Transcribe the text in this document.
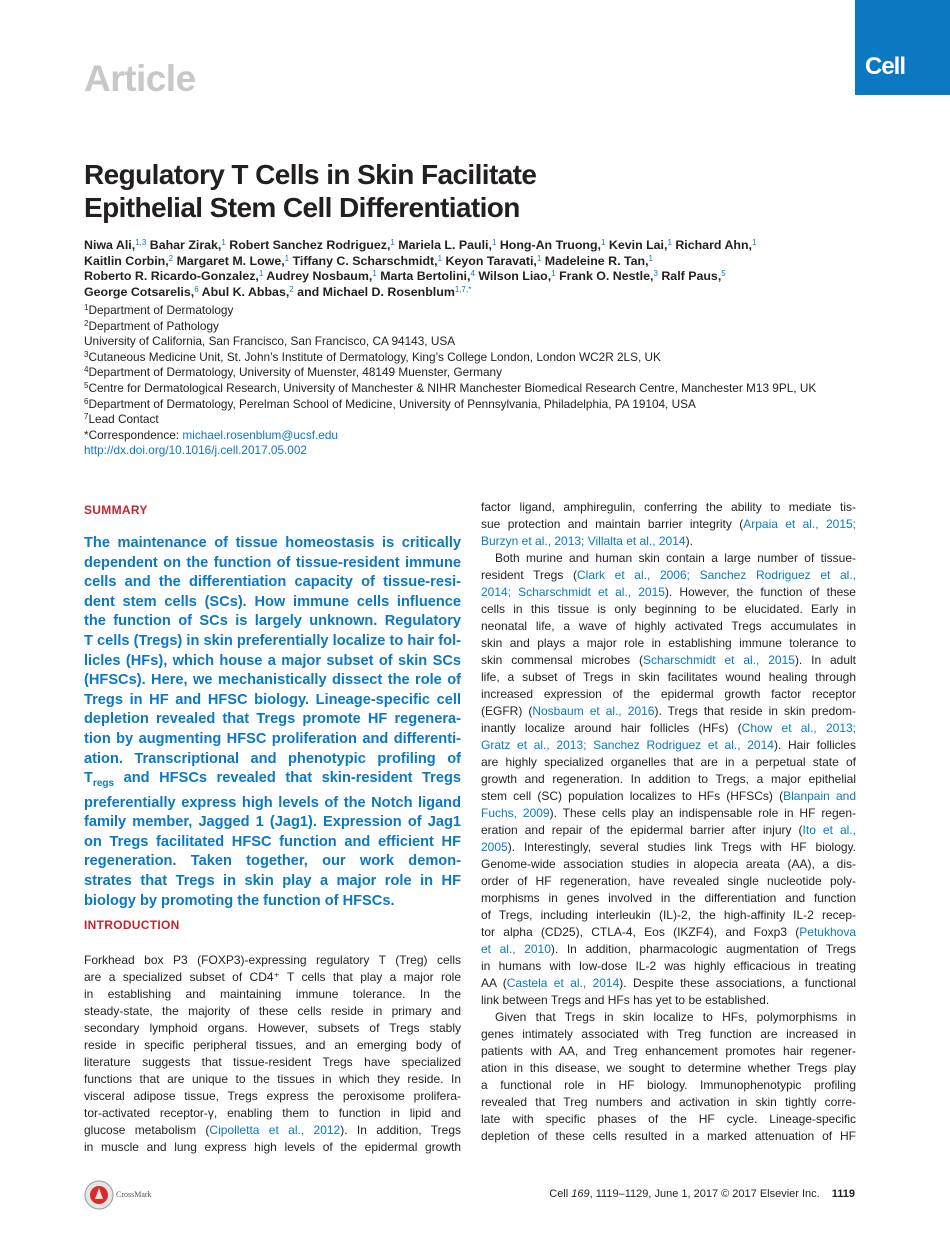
Article	Cell
Regulatory T Cells in Skin Facilitate
Epithelial Stem Cell Differentiation
Niwa Ali,$^{1,3}$ Bahar Zirak,$^1$ Robert Sanchez Rodriguez,$^1$ Mariela L. Pauli,$^1$ Hong-An Truong,$^1$ Kevin Lai,$^1$ Richard Ahn,$^1$
Kaitlin Corbin,$^2$ Margaret M. Lowe,$^1$ Tiffany C. Scharschmidt,$^1$ Keyon Taravati,$^1$ Madeleine R. Tan,$^1$
Roberto R. Ricardo-Gonzalez,$^1$ Audrey Nosbaum,$^1$ Marta Bertolini,$^4$ Wilson Liao,$^1$ Frank O. Nestle,$^3$ Ralf Paus,$^5$
George Cotsarelis,$^6$ Abul K. Abbas,$^2$ and Michael D. Rosenblum$^{1,7,*}$
$^1$Department of Dermatology
$^2$Department of Pathology
University of California, San Francisco, San Francisco, CA 94143, USA
$^3$Cutaneous Medicine Unit, St. John’s Institute of Dermatology, King’s College London, London WC2R 2LS, UK
$^4$Department of Dermatology, University of Muenster, 48149 Muenster, Germany
$^5$Centre for Dermatological Research, University of Manchester & NIHR Manchester Biomedical Research Centre, Manchester M13 9PL, UK
$^6$Department of Dermatology, Perelman School of Medicine, University of Pennsylvania, Philadelphia, PA 19104, USA
$^7$Lead Contact
*Correspondence: michael.rosenblum@ucsf.edu
http://dx.doi.org/10.1016/j.cell.2017.05.002
SUMMARY
The maintenance of tissue homeostasis is critically
dependent on the function of tissue-resident immune
cells and the differentiation capacity of tissue-resi-
dent stem cells (SCs). How immune cells influence
the function of SCs is largely unknown. Regulatory
T cells (Tregs) in skin preferentially localize to hair fol-
licles (HFs), which house a major subset of skin SCs
(HFSCs). Here, we mechanistically dissect the role of
Tregs in HF and HFSC biology. Lineage-specific cell
depletion revealed that Tregs promote HF regenera-
tion by augmenting HFSC proliferation and differenti-
ation. Transcriptional and phenotypic profiling of
$T_{regs}$ and HFSCs revealed that skin-resident Tregs
preferentially express high levels of the Notch ligand
family member, Jagged 1 (Jag1). Expression of Jag1
on Tregs facilitated HFSC function and efficient HF
regeneration. Taken together, our work demon-
strates that Tregs in skin play a major role in HF
biology by promoting the function of HFSCs.
INTRODUCTION
Forkhead box P3 (FOXP3)-expressing regulatory T (Treg) cells
are a specialized subset of CD4⁺ T cells that play a major role
in establishing and maintaining immune tolerance. In the
steady-state, the majority of these cells reside in primary and
secondary lymphoid organs. However, subsets of Tregs stably
reside in specific peripheral tissues, and an emerging body of
literature suggests that tissue-resident Tregs have specialized
functions that are unique to the tissues in which they reside. In
visceral adipose tissue, Tregs express the peroxisome prolifera-
tor-activated receptor-γ, enabling them to function in lipid and
glucose metabolism (Cipolletta et al., 2012). In addition, Tregs
in muscle and lung express high levels of the epidermal growth
factor ligand, amphiregulin, conferring the ability to mediate tis-
sue protection and maintain barrier integrity (Arpaia et al., 2015;
Burzyn et al., 2013; Villalta et al., 2014).
Both murine and human skin contain a large number of tissue-
resident Tregs (Clark et al., 2006; Sanchez Rodriguez et al.,
2014; Scharschmidt et al., 2015). However, the function of these
cells in this tissue is only beginning to be elucidated. Early in
neonatal life, a wave of highly activated Tregs accumulates in
skin and plays a major role in establishing immune tolerance to
skin commensal microbes (Scharschmidt et al., 2015). In adult
life, a subset of Tregs in skin facilitates wound healing through
increased expression of the epidermal growth factor receptor
(EGFR) (Nosbaum et al., 2016). Tregs that reside in skin predom-
inantly localize around hair follicles (HFs) (Chow et al., 2013;
Gratz et al., 2013; Sanchez Rodriguez et al., 2014). Hair follicles
are highly specialized organelles that are in a perpetual state of
growth and regeneration. In addition to Tregs, a major epithelial
stem cell (SC) population localizes to HFs (HFSCs) (Blanpain and
Fuchs, 2009). These cells play an indispensable role in HF regen-
eration and repair of the epidermal barrier after injury (Ito et al.,
2005). Interestingly, several studies link Tregs with HF biology.
Genome-wide association studies in alopecia areata (AA), a dis-
order of HF regeneration, have revealed single nucleotide poly-
morphisms in genes involved in the differentiation and function
of Tregs, including interleukin (IL)-2, the high-affinity IL-2 recep-
tor alpha (CD25), CTLA-4, Eos (IKZF4), and Foxp3 (Petukhova
et al., 2010). In addition, pharmacologic augmentation of Tregs
in humans with low-dose IL-2 was highly efficacious in treating
AA (Castela et al., 2014). Despite these associations, a functional
link between Tregs and HFs has yet to be established.
Given that Tregs in skin localize to HFs, polymorphisms in
genes intimately associated with Treg function are increased in
patients with AA, and Treg enhancement promotes hair regener-
ation in this disease, we sought to determine whether Tregs play
a functional role in HF biology. Immunophenotypic profiling
revealed that Treg numbers and activation in skin tightly corre-
late with specific phases of the HF cycle. Lineage-specific
depletion of these cells resulted in a marked attenuation of HF
CrossMark	Cell 169, 1119–1129, June 1, 2017 © 2017 Elsevier Inc. 1119
